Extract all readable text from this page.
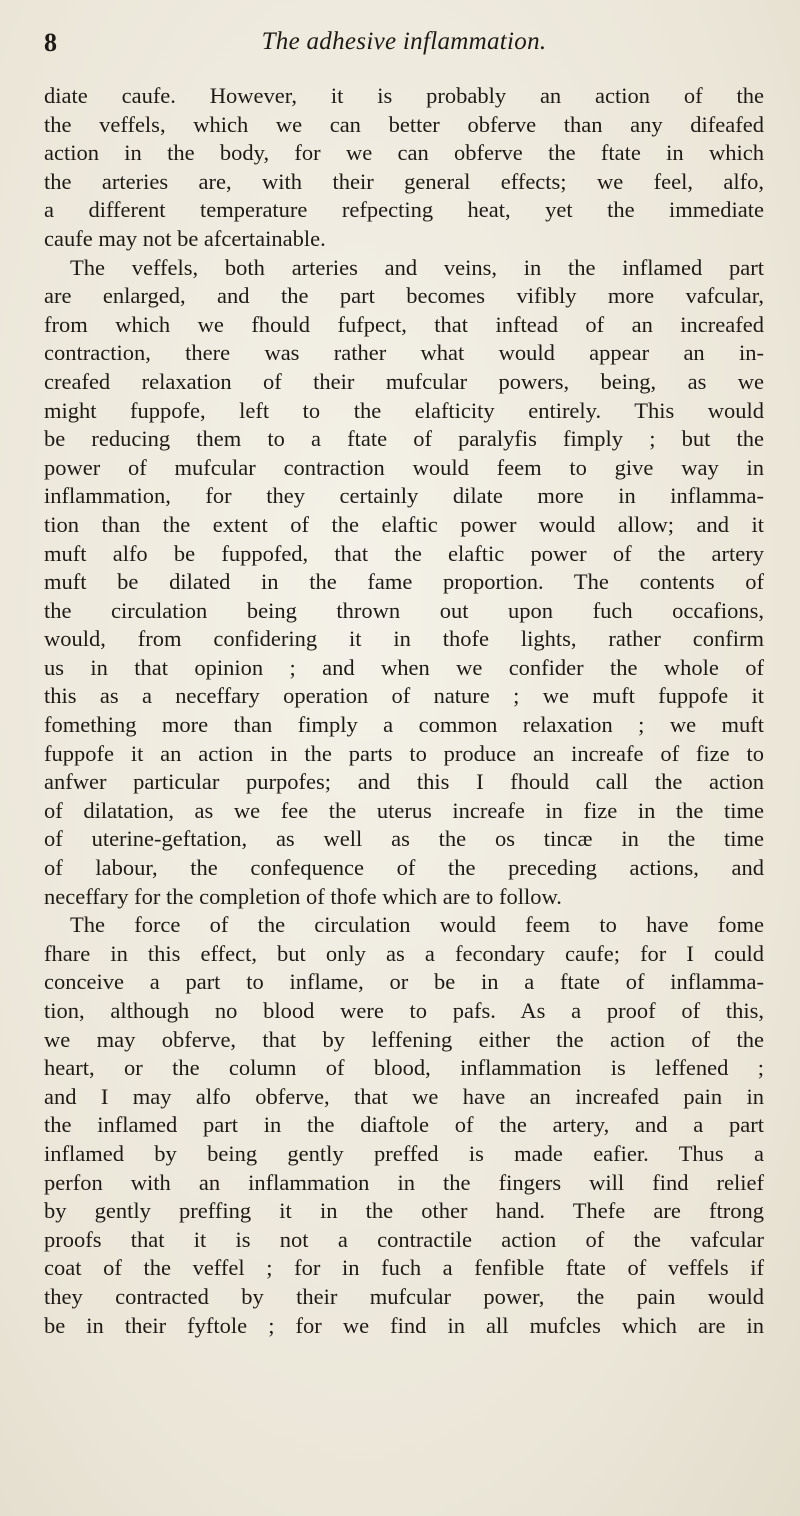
8	The adhesive inflammation.
diate caufe. However, it is probably an action of the
the veffels, which we can better obferve than any difeafed
action in the body, for we can obferve the ftate in which
the arteries are, with their general effects; we feel, alfo,
a different temperature refpecting heat, yet the immediate
caufe may not be afcertainable.
The veffels, both arteries and veins, in the inflamed part
are enlarged, and the part becomes vifibly more vafcular,
from which we fhould fufpect, that inftead of an increafed
contraction, there was rather what would appear an in-
creafed relaxation of their mufcular powers, being, as we
might fuppofe, left to the elafticity entirely. This would
be reducing them to a ftate of paralyfis fimply ; but the
power of mufcular contraction would feem to give way in
inflammation, for they certainly dilate more in inflamma-
tion than the extent of the elaftic power would allow; and it
muft alfo be fuppofed, that the elaftic power of the artery
muft be dilated in the fame proportion. The contents of
the circulation being thrown out upon fuch occafions,
would, from confidering it in thofe lights, rather confirm
us in that opinion ; and when we confider the whole of
this as a neceffary operation of nature ; we muft fuppofe it
fomething more than fimply a common relaxation ; we muft
fuppofe it an action in the parts to produce an increafe of fize to
anfwer particular purpofes; and this I fhould call the action
of dilatation, as we fee the uterus increafe in fize in the time
of uterine-geftation, as well as the os tincæ in the time
of labour, the confequence of the preceding actions, and
neceffary for the completion of thofe which are to follow.
The force of the circulation would feem to have fome
fhare in this effect, but only as a fecondary caufe; for I could
conceive a part to inflame, or be in a ftate of inflamma-
tion, although no blood were to pafs. As a proof of this,
we may obferve, that by leffening either the action of the
heart, or the column of blood, inflammation is leffened ;
and I may alfo obferve, that we have an increafed pain in
the inflamed part in the diaftole of the artery, and a part
inflamed by being gently preffed is made eafier. Thus a
perfon with an inflammation in the fingers will find relief
by gently preffing it in the other hand. Thefe are ftrong
proofs that it is not a contractile action of the vafcular
coat of the veffel ; for in fuch a fenfible ftate of veffels if
they contracted by their mufcular power, the pain would
be in their fyftole ; for we find in all mufcles which are in
